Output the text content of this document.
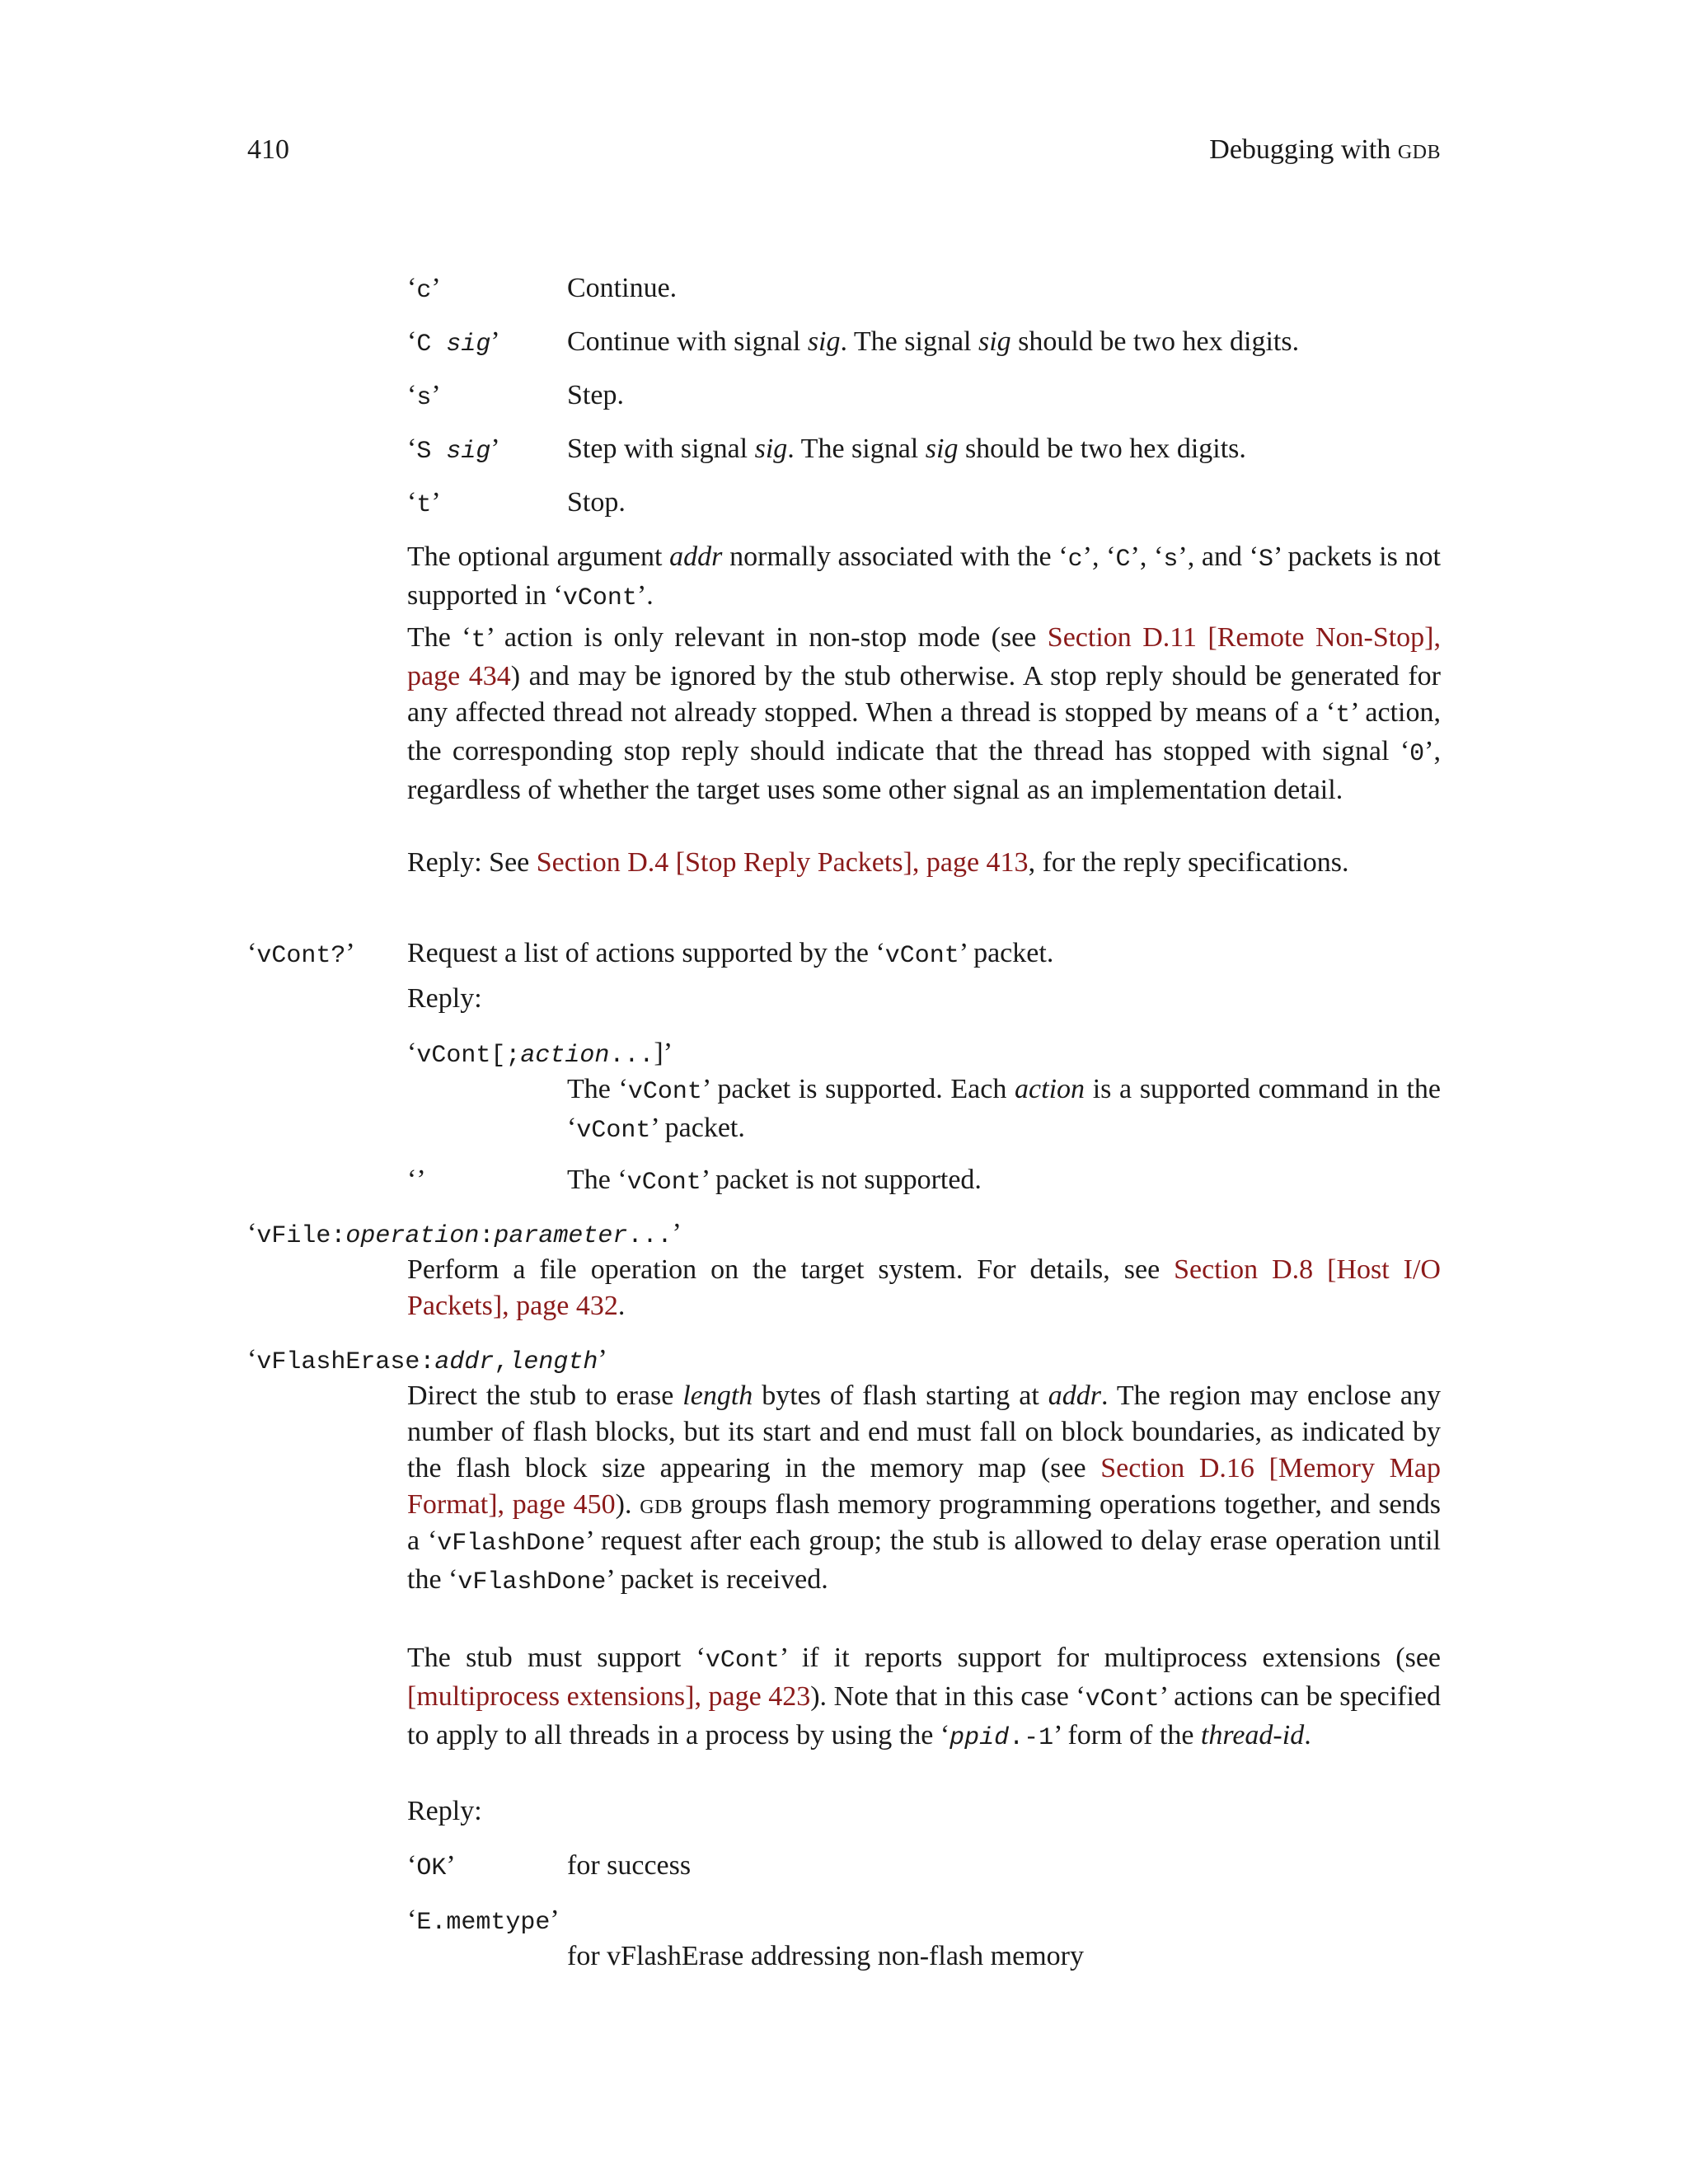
410	Debugging with gdb
‘c’	Continue.
‘C sig’ Continue with signal sig. The signal sig should be two hex digits.
‘s’	Step.
‘S sig’ Step with signal sig. The signal sig should be two hex digits.
‘t’	Stop.

The optional argument addr normally associated with the ‘c’, ‘C’, ‘s’, and ‘S’ packets is not supported in ‘vCont’.

The ‘t’ action is only relevant in non-stop mode (see Section D.11 [Remote Non-Stop], page 434) and may be ignored by the stub otherwise. A stop reply should be generated for any affected thread not already stopped. When a thread is stopped by means of a ‘t’ action, the corresponding stop reply should indicate that the thread has stopped with signal ‘0’, regardless of whether the target uses some other signal as an implementation detail.

Reply: See Section D.4 [Stop Reply Packets], page 413, for the reply specifications.

‘vCont?’ Request a list of actions supported by the ‘vCont’ packet.
Reply:
‘vCont[;action...]’

The ‘vCont’ packet is supported. Each action is a supported command in the ‘vCont’ packet.

‘’	The ‘vCont’ packet is not supported.
‘vFile:operation:parameter...’

Perform a file operation on the target system. For details, see Section D.8 [Host I/O Packets], page 432.

‘vFlashErase:addr,length’

Direct the stub to erase length bytes of flash starting at addr. The region may enclose any number of flash blocks, but its start and end must fall on block boundaries, as indicated by the flash block size appearing in the memory map (see Section D.16 [Memory Map Format], page 450). gdb groups flash memory programming operations together, and sends a ‘vFlashDone’ request after each group; the stub is allowed to delay erase operation until the ‘vFlashDone’ packet is received.

The stub must support ‘vCont’ if it reports support for multiprocess extensions (see [multiprocess extensions], page 423). Note that in this case ‘vCont’ actions can be specified to apply to all threads in a process by using the ‘ppid.-1’ form of the thread-id.

Reply:
‘OK’	for success
‘E.memtype’
for vFlashErase addressing non-flash memory
